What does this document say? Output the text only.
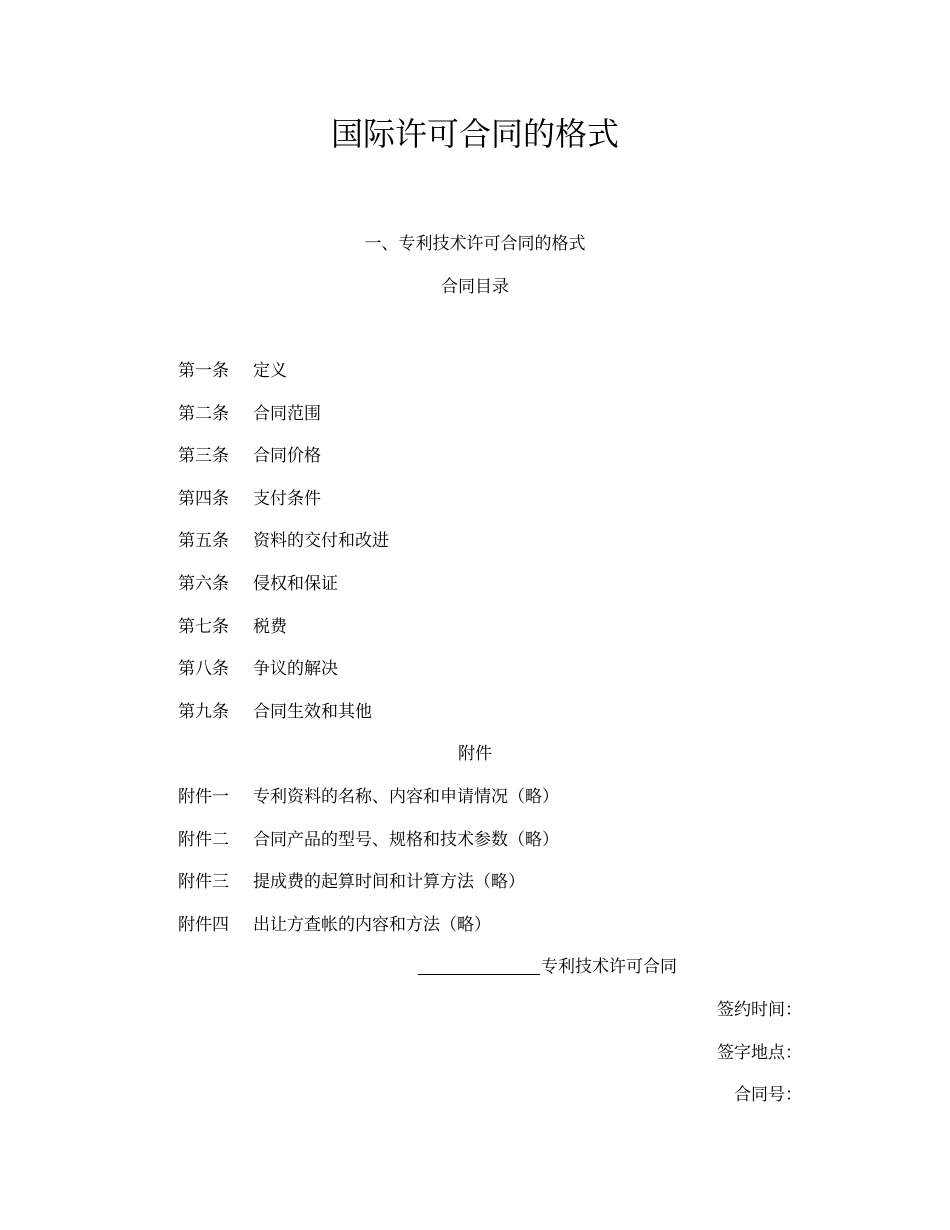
国际许可合同的格式
一、专利技术许可合同的格式
合同目录
第一条 定义
第二条 合同范围
第三条 合同价格
第四条 支付条件
第五条 资料的交付和改进
第六条 侵权和保证
第七条 税费
第八条 争议的解决
第九条 合同生效和其他
附件
附件一 专利资料的名称、内容和申请情况（略）
附件二 合同产品的型号、规格和技术参数（略）
附件三 提成费的起算时间和计算方法（略）
附件四 出让方查帐的内容和方法（略）
专利技术许可合同
签约时间：
签字地点：
合同号：
